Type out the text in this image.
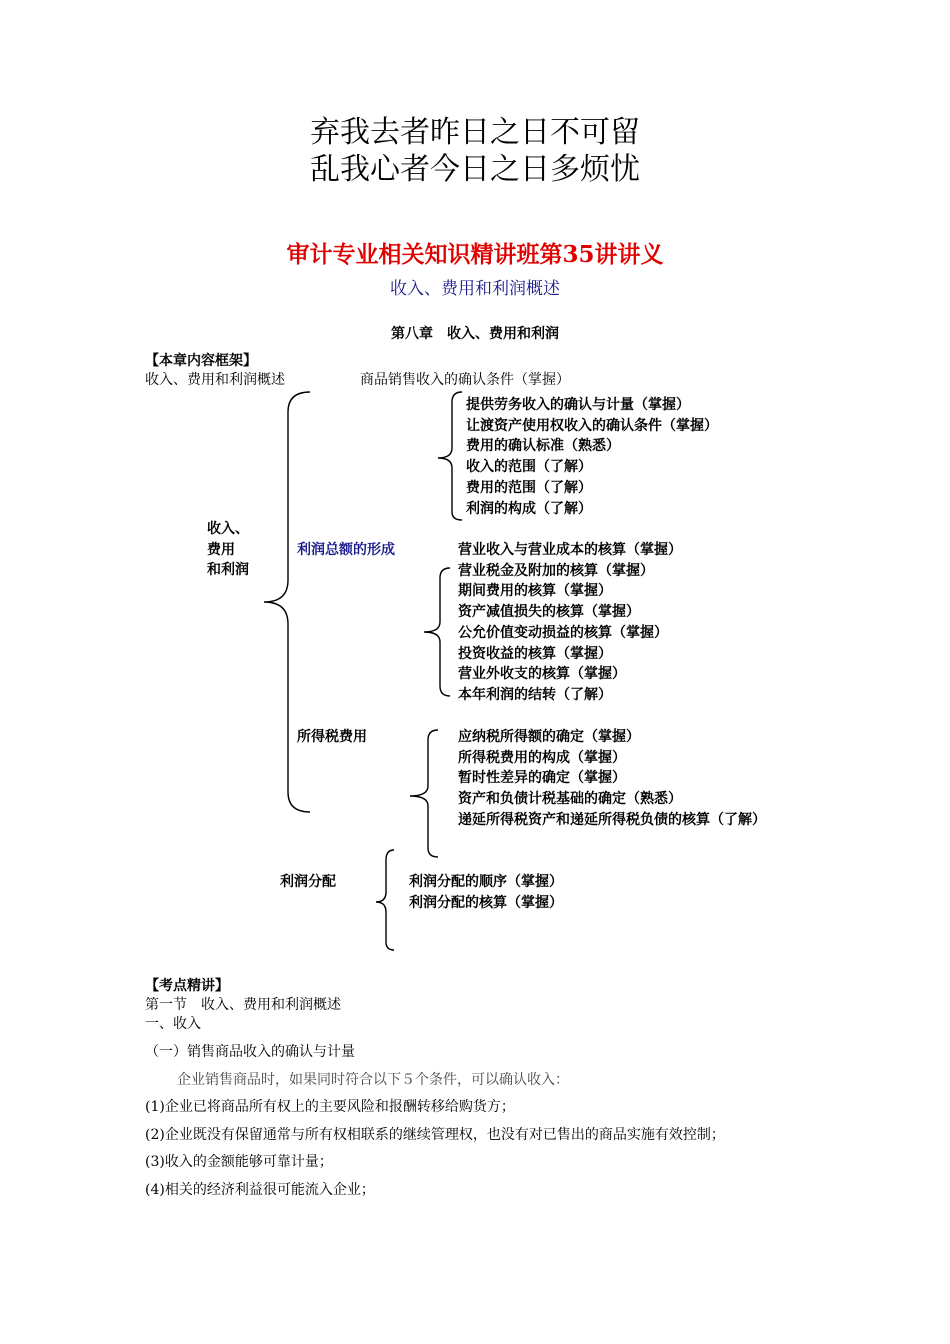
弃我去者昨日之日不可留
乱我心者今日之日多烦忧
审计专业相关知识精讲班第35讲讲义
收入、费用和利润概述
第八章　收入、费用和利润
【本章内容框架】
收入、费用和利润概述	商品销售收入的确认条件（掌握）
收入、
费用
和利润
提供劳务收入的确认与计量（掌握）
让渡资产使用权收入的确认条件（掌握）
费用的确认标准（熟悉）
收入的范围（了解）
费用的范围（了解）
利润的构成（了解）
利润总额的形成	营业收入与营业成本的核算（掌握）
营业税金及附加的核算（掌握）
期间费用的核算（掌握）
资产减值损失的核算（掌握）
公允价值变动损益的核算（掌握）
投资收益的核算（掌握）
营业外收支的核算（掌握）
本年利润的结转（了解）
所得税费用	应纳税所得额的确定（掌握）
所得税费用的构成（掌握）
暂时性差异的确定（掌握）
资产和负债计税基础的确定（熟悉）
递延所得税资产和递延所得税负债的核算（了解）
利润分配	利润分配的顺序（掌握）
利润分配的核算（掌握）
【考点精讲】
第一节　收入、费用和利润概述
一、收入
（一）销售商品收入的确认与计量
企业销售商品时，如果同时符合以下５个条件，可以确认收入：
(1)企业已将商品所有权上的主要风险和报酬转移给购货方；
(2)企业既没有保留通常与所有权相联系的继续管理权，也没有对已售出的商品实施有效控制；
(3)收入的金额能够可靠计量；
(4)相关的经济利益很可能流入企业；
